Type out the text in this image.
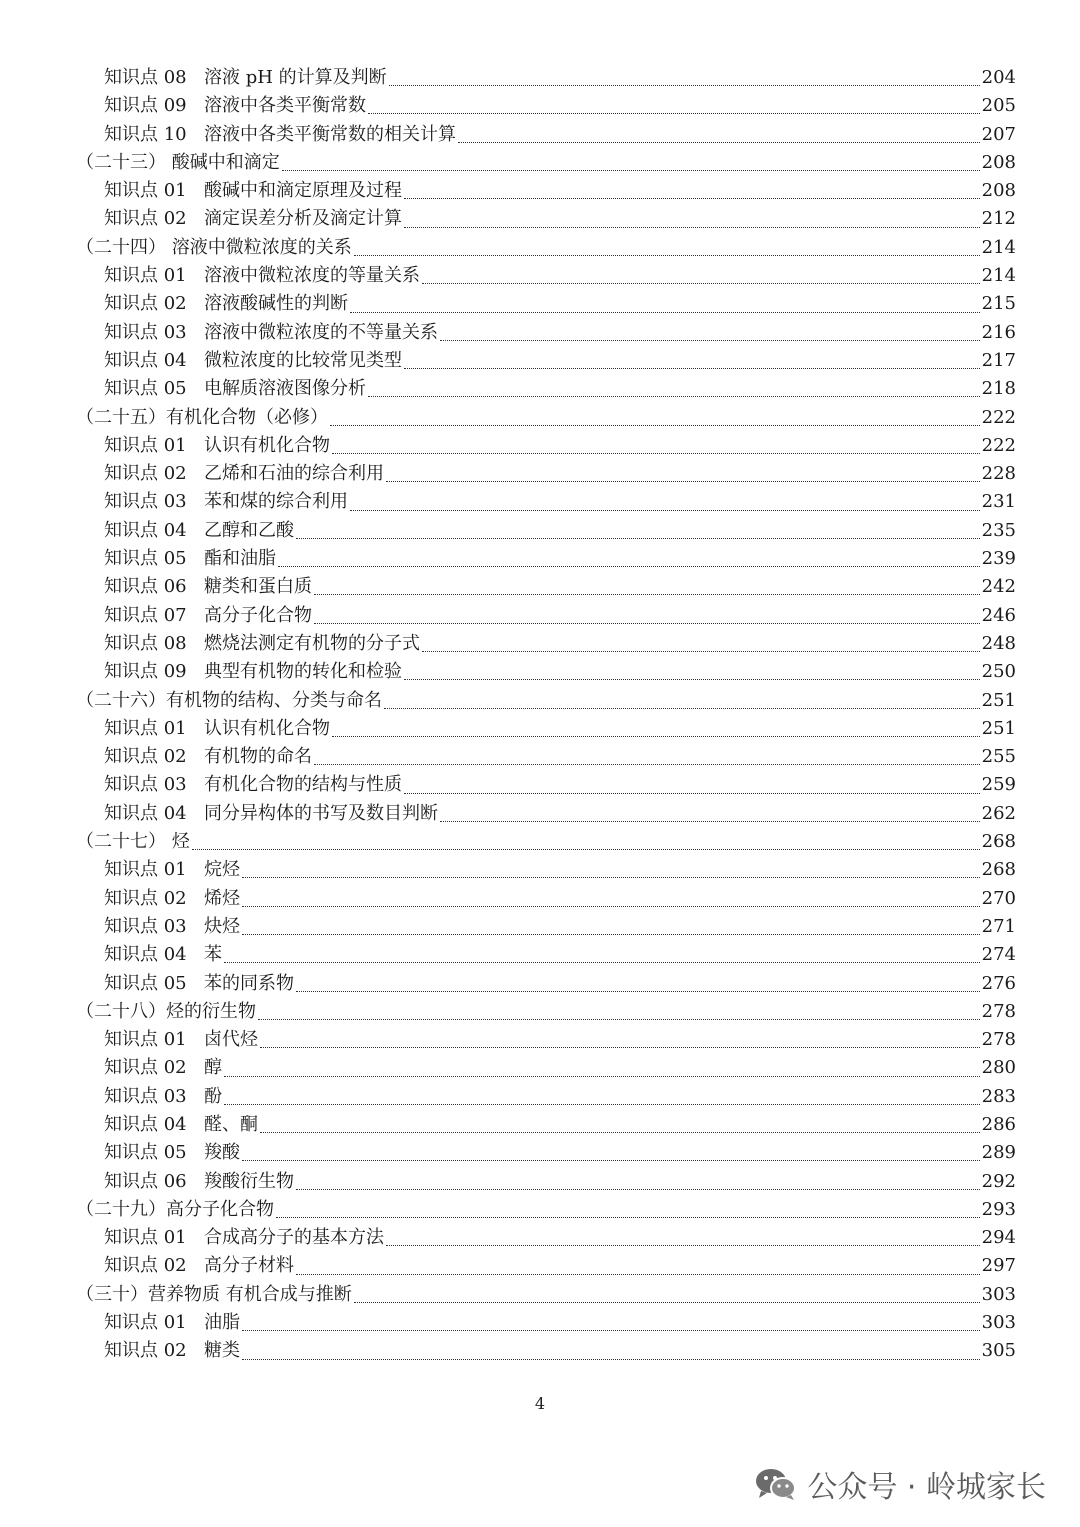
知识点 08 溶液 pH 的计算及判断	204
知识点 09 溶液中各类平衡常数	205
知识点 10 溶液中各类平衡常数的相关计算	207
（二十三） 酸碱中和滴定	208
知识点 01 酸碱中和滴定原理及过程	208
知识点 02 滴定误差分析及滴定计算	212
（二十四） 溶液中微粒浓度的关系	214
知识点 01 溶液中微粒浓度的等量关系	214
知识点 02 溶液酸碱性的判断	215
知识点 03 溶液中微粒浓度的不等量关系	216
知识点 04 微粒浓度的比较常见类型	217
知识点 05 电解质溶液图像分析	218
（二十五）有机化合物（必修）	222
知识点 01 认识有机化合物	222
知识点 02 乙烯和石油的综合利用	228
知识点 03 苯和煤的综合利用	231
知识点 04 乙醇和乙酸	235
知识点 05 酯和油脂	239
知识点 06 糖类和蛋白质	242
知识点 07 高分子化合物	246
知识点 08 燃烧法测定有机物的分子式	248
知识点 09 典型有机物的转化和检验	250
（二十六）有机物的结构、分类与命名	251
知识点 01 认识有机化合物	251
知识点 02 有机物的命名	255
知识点 03 有机化合物的结构与性质	259
知识点 04 同分异构体的书写及数目判断	262
（二十七） 烃	268
知识点 01 烷烃	268
知识点 02 烯烃	270
知识点 03 炔烃	271
知识点 04 苯	274
知识点 05 苯的同系物	276
（二十八）烃的衍生物	278
知识点 01 卤代烃	278
知识点 02 醇	280
知识点 03 酚	283
知识点 04 醛、酮	286
知识点 05 羧酸	289
知识点 06 羧酸衍生物	292
（二十九）高分子化合物	293
知识点 01 合成高分子的基本方法	294
知识点 02 高分子材料	297
（三十）营养物质 有机合成与推断	303
知识点 01 油脂	303
知识点 02 糖类	305
4
公众号 · 岭城家长
